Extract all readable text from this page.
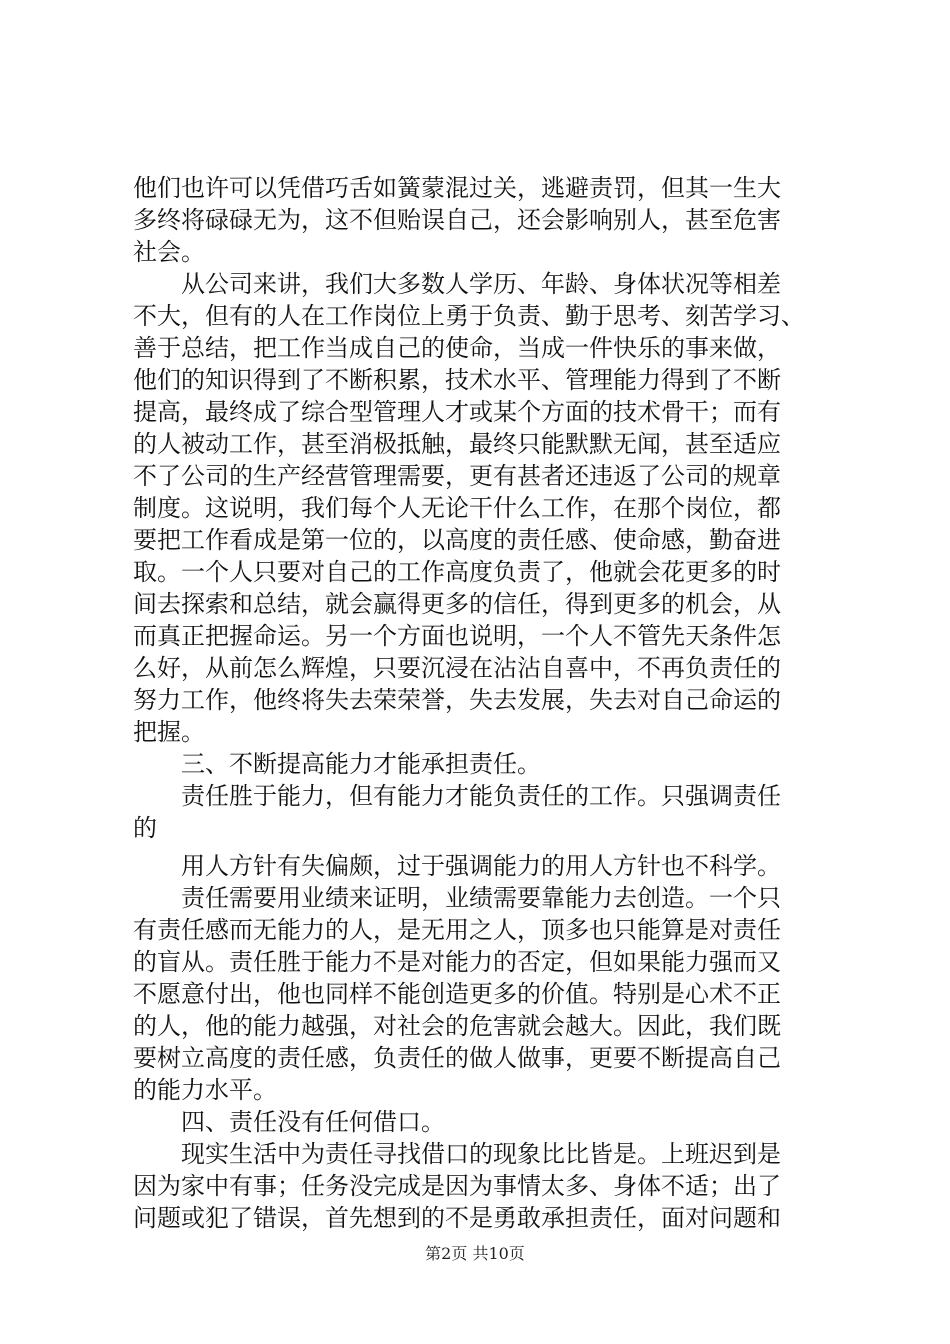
他们也许可以凭借巧舌如簧蒙混过关，逃避责罚，但其一生大
多终将碌碌无为，这不但贻误自己，还会影响别人，甚至危害
社会。
从公司来讲，我们大多数人学历、年龄、身体状况等相差
不大，但有的人在工作岗位上勇于负责、勤于思考、刻苦学习、
善于总结，把工作当成自己的使命，当成一件快乐的事来做，
他们的知识得到了不断积累，技术水平、管理能力得到了不断
提高，最终成了综合型管理人才或某个方面的技术骨干；而有
的人被动工作，甚至消极抵触，最终只能默默无闻，甚至适应
不了公司的生产经营管理需要，更有甚者还违返了公司的规章
制度。这说明，我们每个人无论干什么工作，在那个岗位，都
要把工作看成是第一位的，以高度的责任感、使命感，勤奋进
取。一个人只要对自己的工作高度负责了，他就会花更多的时
间去探索和总结，就会赢得更多的信任，得到更多的机会，从
而真正把握命运。另一个方面也说明，一个人不管先天条件怎
么好，从前怎么辉煌，只要沉浸在沾沾自喜中，不再负责任的
努力工作，他终将失去荣荣誉，失去发展，失去对自己命运的
把握。
三、不断提高能力才能承担责任。
责任胜于能力，但有能力才能负责任的工作。只强调责任
的
用人方针有失偏颇，过于强调能力的用人方针也不科学。
责任需要用业绩来证明，业绩需要靠能力去创造。一个只
有责任感而无能力的人，是无用之人，顶多也只能算是对责任
的盲从。责任胜于能力不是对能力的否定，但如果能力强而又
不愿意付出，他也同样不能创造更多的价值。特别是心术不正
的人，他的能力越强，对社会的危害就会越大。因此，我们既
要树立高度的责任感，负责任的做人做事，更要不断提高自己
的能力水平。
四、责任没有任何借口。
现实生活中为责任寻找借口的现象比比皆是。上班迟到是
因为家中有事；任务没完成是因为事情太多、身体不适；出了
问题或犯了错误，首先想到的不是勇敢承担责任，面对问题和
第2页 共10页
